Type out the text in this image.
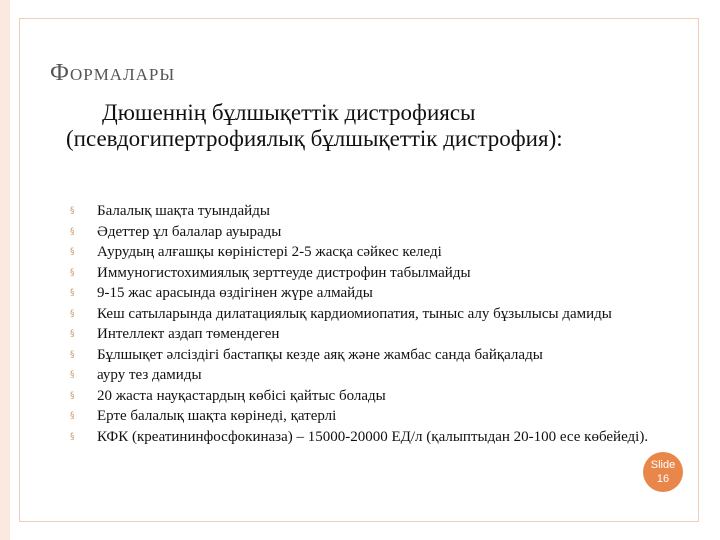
Формалары
Дюшеннің бұлшықеттік дистрофиясы (псевдогипертрофиялық бұлшықеттік дистрофия):
§ Балалық шақта туындайды
§ Әдеттер ұл балалар ауырады
§ Аурудың алғашқы көріністері 2-5 жасқа сәйкес келеді
§ Иммуногистохимиялық зерттеуде дистрофин табылмайды
§ 9-15 жас арасында өздігінен жүре алмайды
§ Кеш сатыларында дилатациялық кардиомиопатия, тыныс алу бұзылысы дамиды
§ Интеллект аздап төмендеген
§ Бұлшықет әлсіздігі бастапқы кезде аяқ және жамбас санда байқалады
§ ауру тез дамиды
§ 20 жаста науқастардың көбісі қайтыс болады
§ Ерте балалық шақта көрінеді, қатерлі
§ КФК (креатининфосфокиназа) – 15000-20000 ЕД/л (қалыптыдан 20-100 есе көбейеді).
Slide
16
